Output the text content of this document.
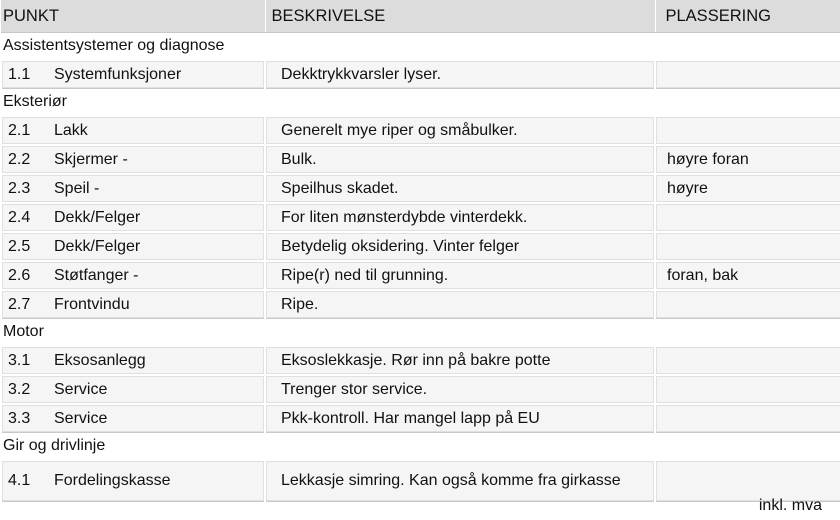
PUNKT	BESKRIVELSE	PLASSERING
Assistentsystemer og diagnose		
1.1 Systemfunksjoner	Dekktrykkvarsler lyser.	
Eksteriør		
2.1 Lakk	Generelt mye riper og småbulker.	
2.2 Skjermer -	Bulk.	høyre foran
2.3 Speil -	Speilhus skadet.	høyre
2.4 Dekk/Felger	For liten mønsterdybde vinterdekk.	
2.5 Dekk/Felger	Betydelig oksidering. Vinter felger	
2.6 Støtfanger -	Ripe(r) ned til grunning.	foran, bak
2.7 Frontvindu	Ripe.	
Motor		
3.1 Eksosanlegg	Eksoslekkasje. Rør inn på bakre potte	
3.2 Service	Trenger stor service.	
3.3 Service	Pkk-kontroll. Har mangel lapp på EU	
Gir og drivlinje		
4.1 Fordelingskasse	Lekkasje simring. Kan også komme fra girkasse	
inkl. mva
